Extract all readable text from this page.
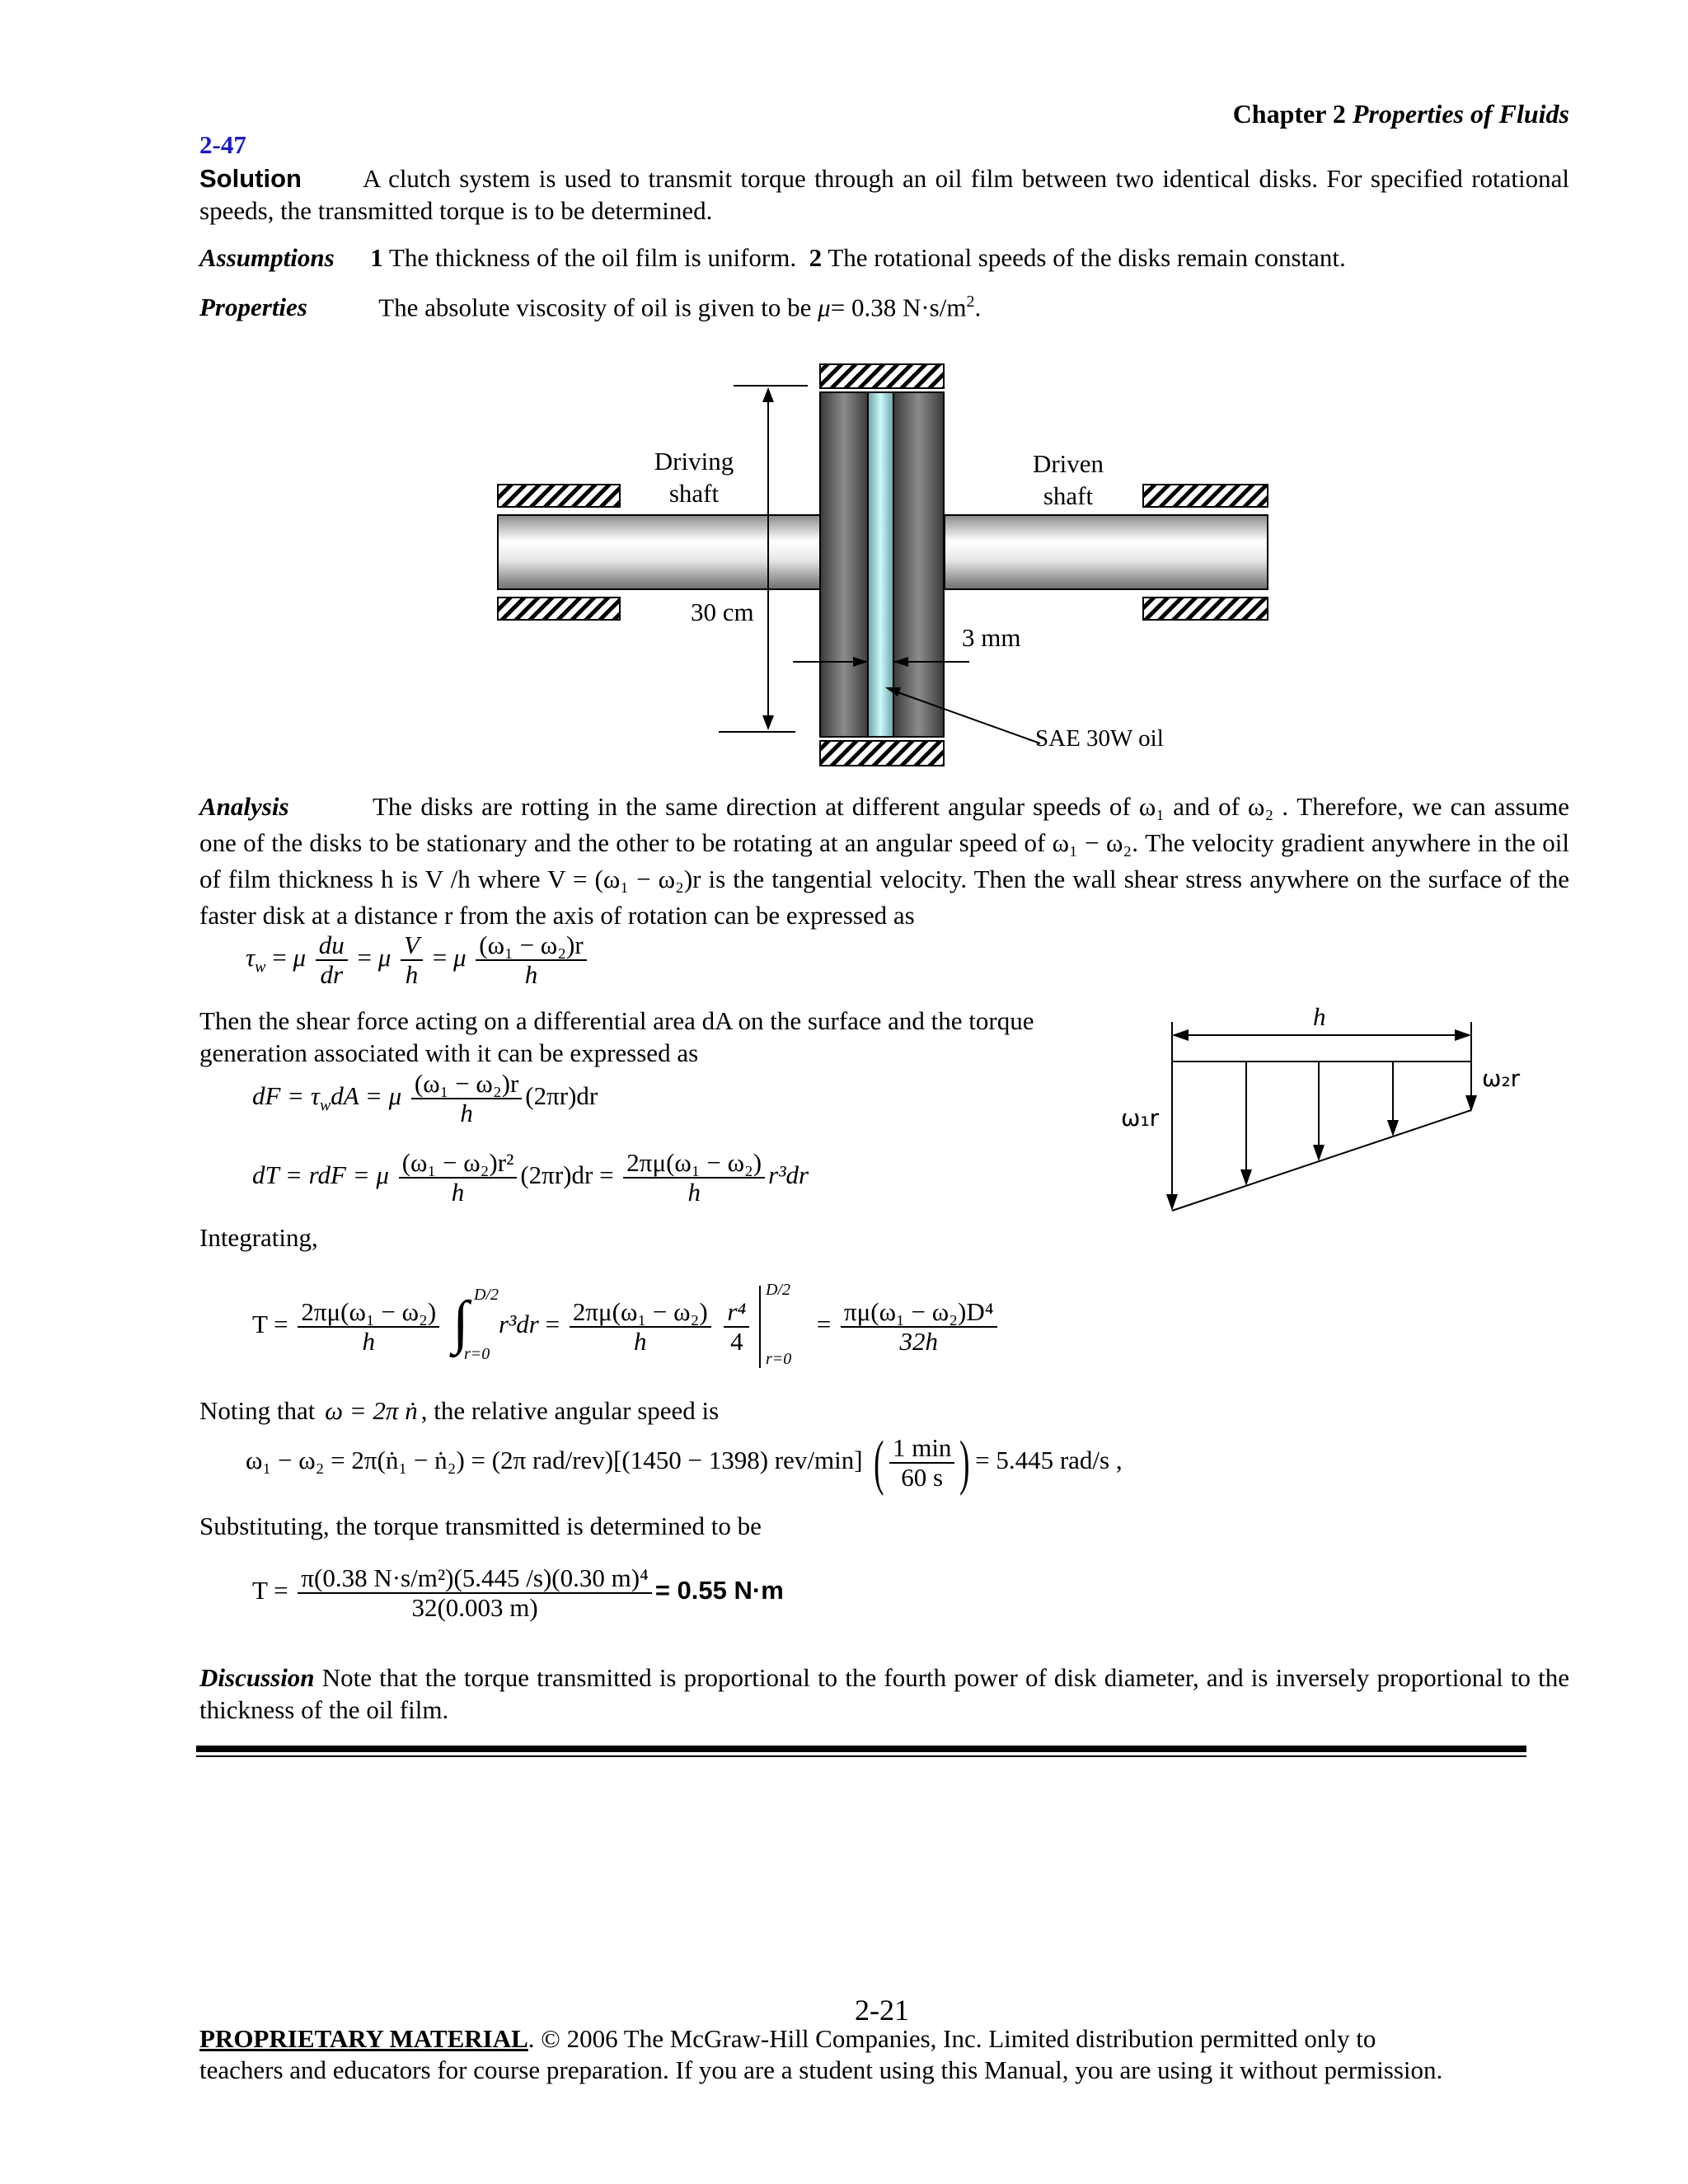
Chapter 2 Properties of Fluids
2-47
Solution A clutch system is used to transmit torque through an oil film between two identical disks. For specified rotational speeds, the transmitted torque is to be determined.
Assumptions 1 The thickness of the oil film is uniform. 2 The rotational speeds of the disks remain constant.
Properties	The absolute viscosity of oil is given to be μ= 0.38 $N\cdot s/m^2$.
Driving
shaft
Driven
shaft
30 cm
3 mm
SAE 30W oil
Analysis	The disks are rotting in the same direction at different angular speeds of ω₁ and of ω₂ . Therefore, we can assume one of the disks to be stationary and the other to be rotating at an angular speed of ω₁ − ω₂. The velocity gradient anywhere in the oil of film thickness h is V /h where V = (ω₁ − ω₂)r is the tangential velocity. Then the wall shear stress anywhere on the surface of the faster disk at a distance r from the axis of rotation can be expressed as
$\tau_w = \mu \frac{du}{dr} = \mu \frac{V}{h} = \mu \frac{\text{(ω₁ − ω₂)r}}{h}$
Then the shear force acting on a differential area dA on the surface and the torque generation associated with it can be expressed as
dF = $\tau_wdA = \mu \frac{\text{(ω₁ − ω₂)r}}{h} (2\pi r)dr$
dT = rdF = μ $\frac{\text{(ω₁ − ω₂)r²}}{h} (2\pi r)dr = \frac{\text{2πμ(ω₁ − ω₂)}}{h} r^3dr$
Integrating,
$T = \frac{\text{2πμ(ω₁ − ω₂)}}{h}$
∫ D/2
r=0
$r^3dr = \frac{\text{2πμ(ω₁ − ω₂)}}{h}$
$\frac{\text{r⁴}}{4}$

D/2
r=0
= $\frac{\text{πμ(ω₁ − ω₂)D⁴}}{32h}$
Noting that ω = 2π ṅ , the relative angular speed is
ω₁ − ω₂ = 2π(ṅ₁ − ṅ₂) = (2π rad/rev)[(1450 − 1398) rev/min] ( $\frac{1 \min}{60 s}$ ) = 5.445 rad/s ,
Substituting, the torque transmitted is determined to be
$T = \frac{\text{π(0.38 N·s/m²)(5.445 /s)(0.30 m)⁴}}{32(0.003 m)} = 0.55$ N·m
h
ω₁r
ω₂r
Discussion Note that the torque transmitted is proportional to the fourth power of disk diameter, and is inversely proportional to the thickness of the oil film.
2-21
PROPRIETARY MATERIAL. © 2006 The McGraw-Hill Companies, Inc. Limited distribution permitted only to
teachers and educators for course preparation. If you are a student using this Manual, you are using it without permission.
